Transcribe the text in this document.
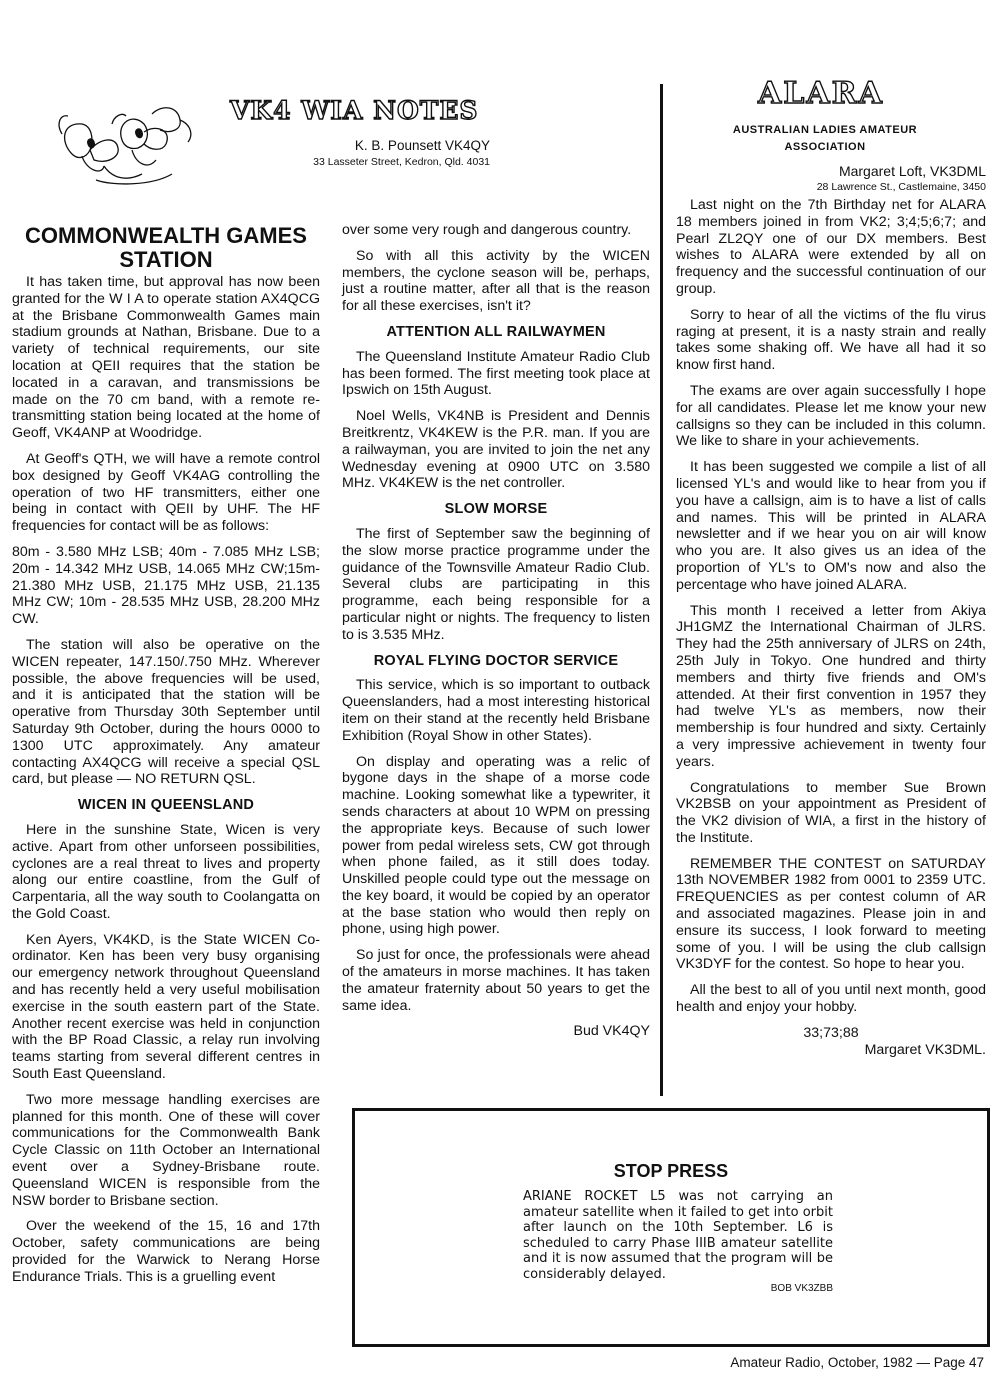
VK4 WIA NOTES
K. B. Pounsett VK4QY
33 Lasseter Street, Kedron, Qld. 4031
COMMONWEALTH GAMES STATION

It has taken time, but approval has now been granted for the W I A to operate station AX4QCG at the Brisbane Commonwealth Games main stadium grounds at Nathan, Brisbane. Due to a variety of technical requirements, our site location at QEII requires that the station be located in a caravan, and transmissions be made on the 70 cm band, with a remote re-transmitting station being located at the home of Geoff, VK4ANP at Woodridge.

At Geoff's QTH, we will have a remote control box designed by Geoff VK4AG controlling the operation of two HF transmitters, either one being in contact with QEII by UHF. The HF frequencies for contact will be as follows:

80m - 3.580 MHz LSB; 40m - 7.085 MHz LSB; 20m - 14.342 MHz USB, 14.065 MHz CW;15m- 21.380 MHz USB, 21.175 MHz USB, 21.135 MHz CW; 10m - 28.535 MHz USB, 28.200 MHz CW.

The station will also be operative on the WICEN repeater, 147.150/.750 MHz. Wherever possible, the above frequencies will be used, and it is anticipated that the station will be operative from Thursday 30th September until Saturday 9th October, during the hours 0000 to 1300 UTC approximately. Any amateur contacting AX4QCG will receive a special QSL card, but please — NO RETURN QSL.

WICEN IN QUEENSLAND

Here in the sunshine State, Wicen is very active. Apart from other unforseen possibilities, cyclones are a real threat to lives and property along our entire coastline, from the Gulf of Carpentaria, all the way south to Coolangatta on the Gold Coast.

Ken Ayers, VK4KD, is the State WICEN Co-ordinator. Ken has been very busy organising our emergency network throughout Queensland and has recently held a very useful mobilisation exercise in the south eastern part of the State. Another recent exercise was held in conjunction with the BP Road Classic, a relay run involving teams starting from several different centres in South East Queensland.

Two more message handling exercises are planned for this month. One of these will cover communications for the Commonwealth Bank Cycle Classic on 11th October an International event over a Sydney-Brisbane route. Queensland WICEN is responsible from the NSW border to Brisbane section.

Over the weekend of the 15, 16 and 17th October, safety communications are being provided for the Warwick to Nerang Horse Endurance Trials. This is a gruelling event

over some very rough and dangerous country.

So with all this activity by the WICEN members, the cyclone season will be, perhaps, just a routine matter, after all that is the reason for all these exercises, isn't it?

ATTENTION ALL RAILWAYMEN

The Queensland Institute Amateur Radio Club has been formed. The first meeting took place at Ipswich on 15th August.

Noel Wells, VK4NB is President and Dennis Breitkrentz, VK4KEW is the P.R. man. If you are a railwayman, you are invited to join the net any Wednesday evening at 0900 UTC on 3.580 MHz. VK4KEW is the net controller.

SLOW MORSE

The first of September saw the beginning of the slow morse practice programme under the guidance of the Townsville Amateur Radio Club. Several clubs are participating in this programme, each being responsible for a particular night or nights. The frequency to listen to is 3.535 MHz.

ROYAL FLYING DOCTOR SERVICE

This service, which is so important to outback Queenslanders, had a most interesting historical item on their stand at the recently held Brisbane Exhibition (Royal Show in other States).

On display and operating was a relic of bygone days in the shape of a morse code machine. Looking somewhat like a typewriter, it sends characters at about 10 WPM on pressing the appropriate keys. Because of such lower power from pedal wireless sets, CW got through when phone failed, as it still does today. Unskilled people could type out the message on the key board, it would be copied by an operator at the base station who would then reply on phone, using high power.

So just for once, the professionals were ahead of the amateurs in morse machines. It has taken the amateur fraternity about 50 years to get the same idea.

Bud VK4QY

ALARA
AUSTRALIAN LADIES AMATEUR
ASSOCIATION
Margaret Loft, VK3DML
28 Lawrence St., Castlemaine, 3450

Last night on the 7th Birthday net for ALARA 18 members joined in from VK2; 3;4;5;6;7; and Pearl ZL2QY one of our DX members. Best wishes to ALARA were extended by all on frequency and the successful continuation of our group.

Sorry to hear of all the victims of the flu virus raging at present, it is a nasty strain and really takes some shaking off. We have all had it so know first hand.

The exams are over again successfully I hope for all candidates. Please let me know your new callsigns so they can be included in this column. We like to share in your achievements.

It has been suggested we compile a list of all licensed YL's and would like to hear from you if you have a callsign, aim is to have a list of calls and names. This will be printed in ALARA newsletter and if we hear you on air will know who you are. It also gives us an idea of the proportion of YL's to OM's now and also the percentage who have joined ALARA.

This month I received a letter from Akiya JH1GMZ the International Chairman of JLRS. They had the 25th anniversary of JLRS on 24th, 25th July in Tokyo. One hundred and thirty members and thirty five friends and OM's attended. At their first convention in 1957 they had twelve YL's as members, now their membership is four hundred and sixty. Certainly a very impressive achievement in twenty four years.

Congratulations to member Sue Brown VK2BSB on your appointment as President of the VK2 division of WIA, a first in the history of the Institute.

REMEMBER THE CONTEST on SATURDAY 13th NOVEMBER 1982 from 0001 to 2359 UTC. FREQUENCIES as per contest column of AR and associated magazines. Please join in and ensure its success, I look forward to meeting some of you. I will be using the club callsign VK3DYF for the contest. So hope to hear you.

All the best to all of you until next month, good health and enjoy your hobby.

33;73;88

Margaret VK3DML.

STOP PRESS
ARIANE ROCKET L5 was not carrying an amateur satellite when it failed to get into orbit after launch on the 10th September. L6 is scheduled to carry Phase IIIB amateur satellite and it is now assumed that the program will be considerably delayed.
BOB VK3ZBB
Amateur Radio, October, 1982 — Page 47
